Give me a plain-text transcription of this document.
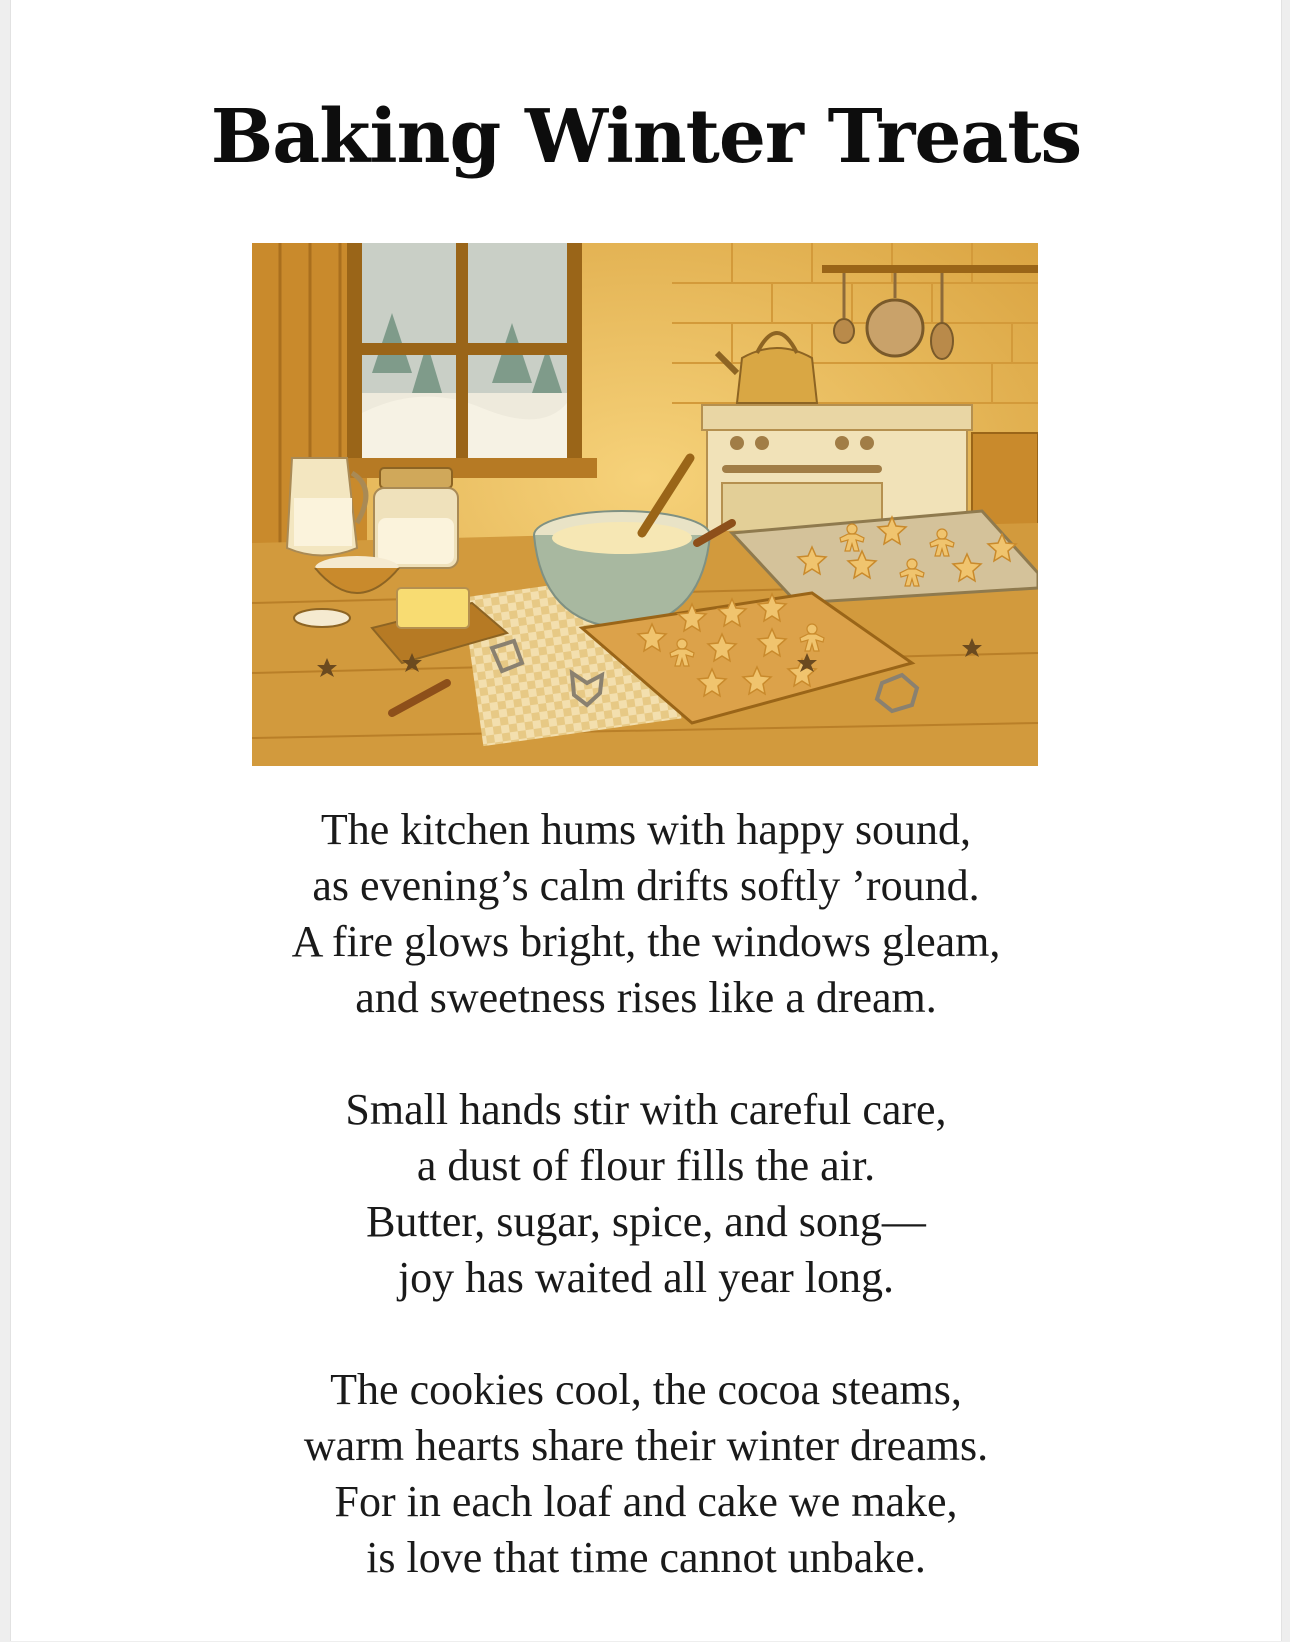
Baking Winter Treats
The kitchen hums with happy sound,
as evening’s calm drifts softly ’round.
A fire glows bright, the windows gleam,
and sweetness rises like a dream.
Small hands stir with careful care,
a dust of flour fills the air.
Butter, sugar, spice, and song—
joy has waited all year long.
The cookies cool, the cocoa steams,
warm hearts share their winter dreams.
For in each loaf and cake we make,
is love that time cannot unbake.
